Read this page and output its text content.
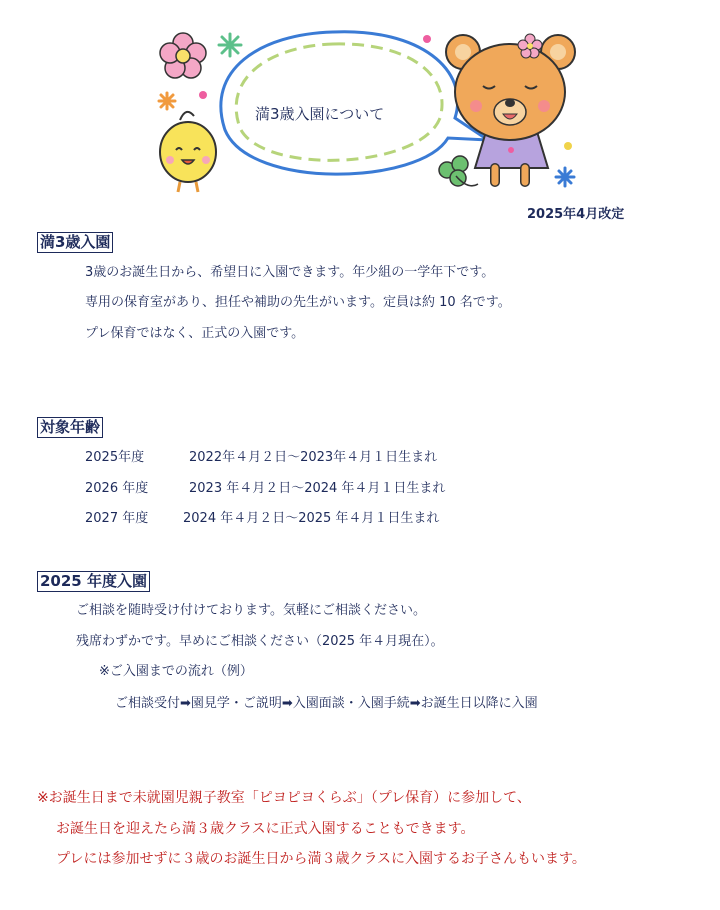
満3歳入園について
2025年4月改定
満3歳入園
3歳のお誕生日から、希望日に入園できます。年少組の一学年下です。
専用の保育室があり、担任や補助の先生がいます。定員は約 10 名です。
プレ保育ではなく、正式の入園です。
対象年齢
2025年度	2022年４月２日～2023年４月１日生まれ
2026 年度	2023 年４月２日～2024 年４月１日生まれ
2027 年度	2024 年４月２日～2025 年４月１日生まれ
2025 年度入園
ご相談を随時受け付けております。気軽にご相談ください。
残席わずかです。早めにご相談ください（2025 年４月現在）。
※ご入園までの流れ（例）
ご相談受付➡園見学・ご説明➡入園面談・入園手続➡お誕生日以降に入園
※お誕生日まで未就園児親子教室「ピヨピヨくらぶ」（プレ保育）に参加して、
お誕生日を迎えたら満３歳クラスに正式入園することもできます。
プレには参加せずに３歳のお誕生日から満３歳クラスに入園するお子さんもいます。
